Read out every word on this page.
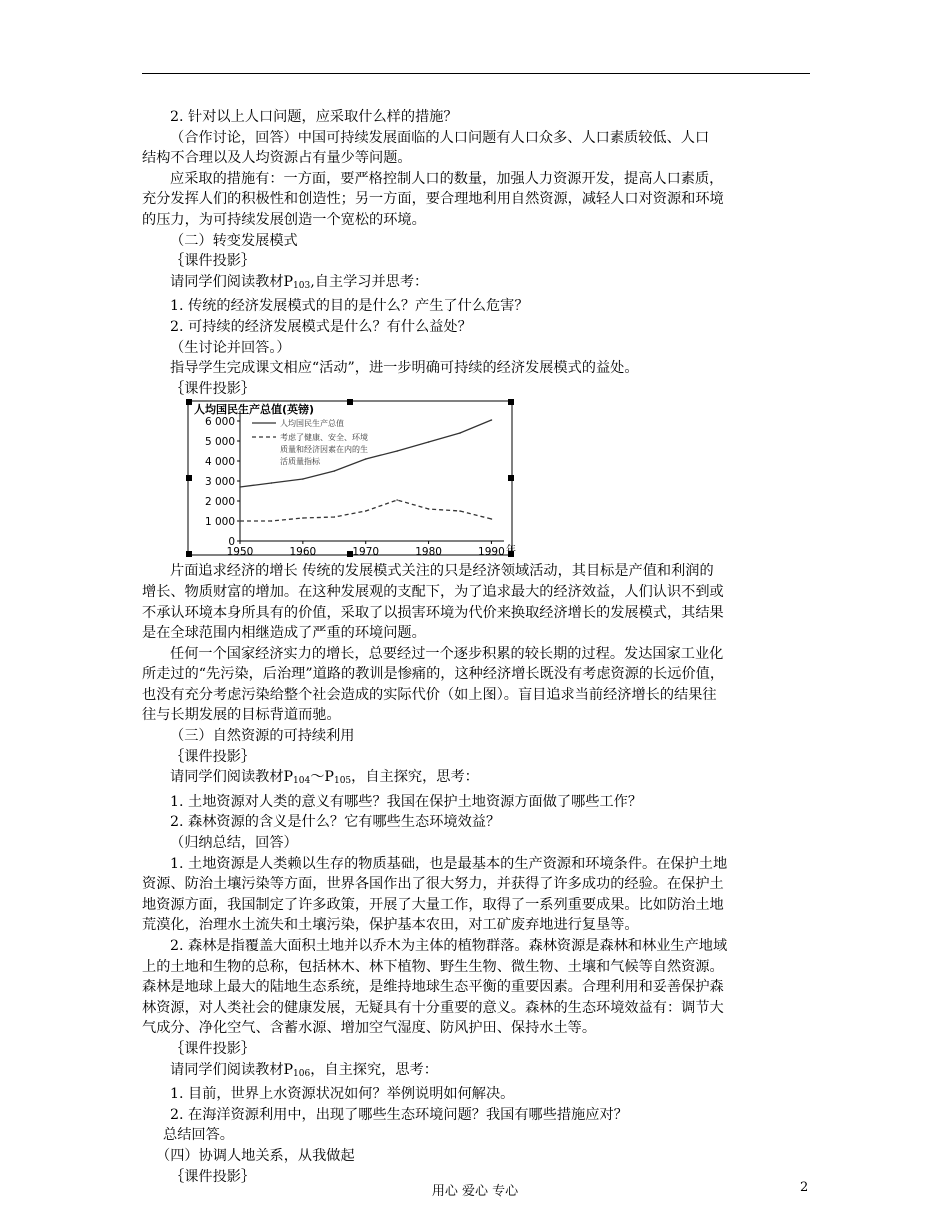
2. 针对以上人口问题，应采取什么样的措施？

（合作讨论，回答）中国可持续发展面临的人口问题有人口众多、人口素质较低、人口

结构不合理以及人均资源占有量少等问题。

应采取的措施有：一方面，要严格控制人口的数量，加强人力资源开发，提高人口素质，

充分发挥人们的积极性和创造性；另一方面，要合理地利用自然资源，减轻人口对资源和环境

的压力，为可持续发展创造一个宽松的环境。

（二）转变发展模式

｛课件投影｝

请同学们阅读教材$P_{103}$,自主学习并思考：

1. 传统的经济发展模式的目的是什么？产生了什么危害？

2. 可持续的经济发展模式是什么？有什么益处？

（生讨论并回答。）

指导学生完成课文相应“活动”，进一步明确可持续的经济发展模式的益处。

｛课件投影｝

人均国民生产总值(英镑)
6 000
5 000
4 000
3 000
2 000
1 000
0
1950	1960	1970	1980	1990 年
人均国民生产总值
考虑了健康、安全、环境
质量和经济因素在内的生
活质量指标

片面追求经济的增长 传统的发展模式关注的只是经济领域活动，其目标是产值和利润的

增长、物质财富的增加。在这种发展观的支配下，为了追求最大的经济效益，人们认识不到或

不承认环境本身所具有的价值，采取了以损害环境为代价来换取经济增长的发展模式，其结果

是在全球范围内相继造成了严重的环境问题。

任何一个国家经济实力的增长，总要经过一个逐步积累的较长期的过程。发达国家工业化

所走过的“先污染，后治理”道路的教训是惨痛的，这种经济增长既没有考虑资源的长远价值，

也没有充分考虑污染给整个社会造成的实际代价（如上图）。盲目追求当前经济增长的结果往

往与长期发展的目标背道而驰。

（三）自然资源的可持续利用

｛课件投影｝

请同学们阅读教材$P_{104}\sim P_{105}$，自主探究，思考：

1. 土地资源对人类的意义有哪些？我国在保护土地资源方面做了哪些工作？

2. 森林资源的含义是什么？它有哪些生态环境效益？

（归纳总结，回答）

1. 土地资源是人类赖以生存的物质基础，也是最基本的生产资源和环境条件。在保护土地

资源、防治土壤污染等方面，世界各国作出了很大努力，并获得了许多成功的经验。在保护土

地资源方面，我国制定了许多政策，开展了大量工作，取得了一系列重要成果。比如防治土地

荒漠化，治理水土流失和土壤污染，保护基本农田，对工矿废弃地进行复垦等。

2. 森林是指覆盖大面积土地并以乔木为主体的植物群落。森林资源是森林和林业生产地域

上的土地和生物的总称，包括林木、林下植物、野生生物、微生物、土壤和气候等自然资源。

森林是地球上最大的陆地生态系统，是维持地球生态平衡的重要因素。合理利用和妥善保护森

林资源，对人类社会的健康发展，无疑具有十分重要的意义。森林的生态环境效益有：调节大

气成分、净化空气、含蓄水源、增加空气湿度、防风护田、保持水土等。

｛课件投影｝

请同学们阅读教材$P_{106}$，自主探究，思考：

1. 目前，世界上水资源状况如何？举例说明如何解决。

2. 在海洋资源利用中，出现了哪些生态环境问题？我国有哪些措施应对？

总结回答。

（四）协调人地关系，从我做起

｛课件投影｝

用心 爱心 专心	2
